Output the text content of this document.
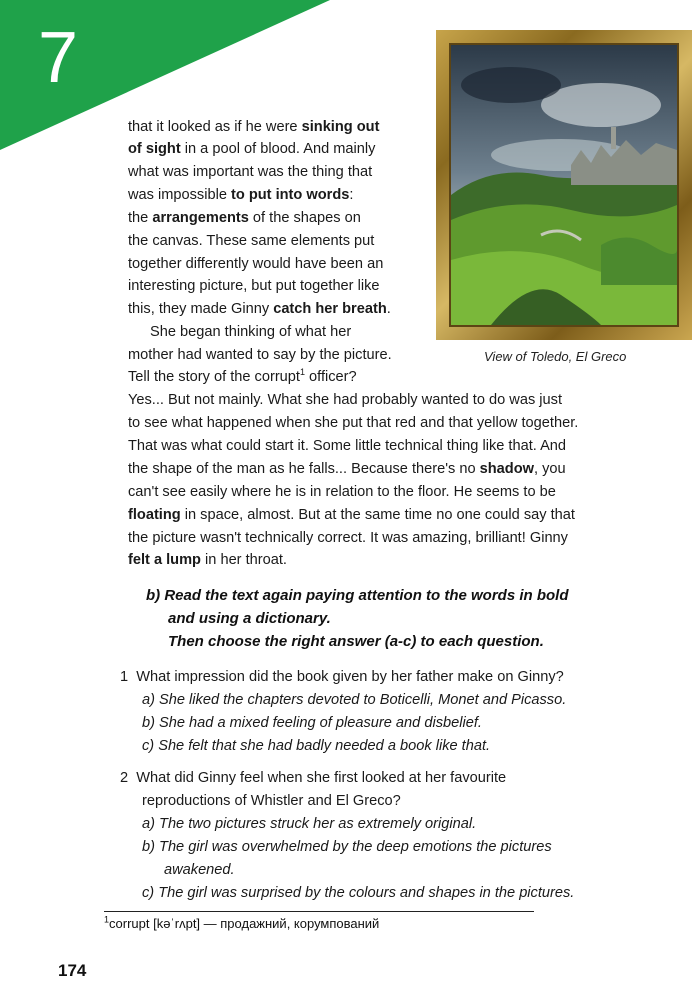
7
View of Toledo, El Greco
that it looked as if he were sinking out
of sight in a pool of blood. And mainly
what was important was the thing that
was impossible to put into words:
the arrangements of the shapes on
the canvas. These same elements put
together differently would have been an
interesting picture, but put together like
this, they made Ginny catch her breath.
She began thinking of what her
mother had wanted to say by the picture.
Tell the story of the corrupt$^1$ officer?
Yes... But not mainly. What she had probably wanted to do was just
to see what happened when she put that red and that yellow together.
That was what could start it. Some little technical thing like that. And
the shape of the man as he falls... Because there's no shadow, you
can't see easily where he is in relation to the floor. He seems to be
floating in space, almost. But at the same time no one could say that
the picture wasn't technically correct. It was amazing, brilliant! Ginny
felt a lump in her throat.
b) Read the text again paying attention to the words in bold
and using a dictionary.
Then choose the right answer (a-c) to each question.
1 What impression did the book given by her father make on Ginny?
a) She liked the chapters devoted to Boticelli, Monet and Picasso.
b) She had a mixed feeling of pleasure and disbelief.
c) She felt that she had badly needed a book like that.
2 What did Ginny feel when she first looked at her favourite
reproductions of Whistler and El Greco?
a) The two pictures struck her as extremely original.
b) The girl was overwhelmed by the deep emotions the pictures
awakened.
c) The girl was surprised by the colours and shapes in the pictures.
$^1$corrupt [kəˈrʌpt] — продажний, корумпований
174
